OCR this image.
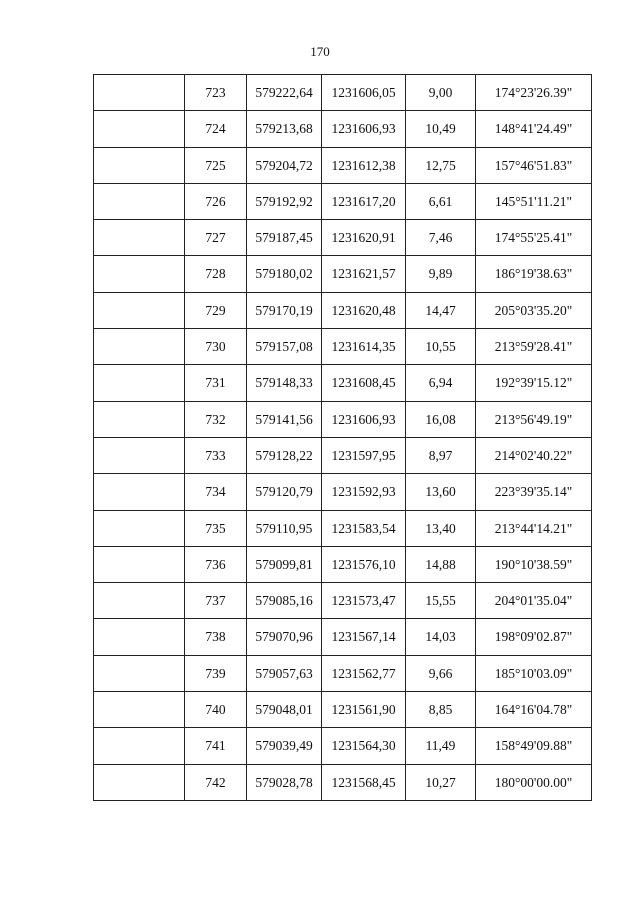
170
	723	579222,64	1231606,05	9,00	174°23'26.39"
	724	579213,68	1231606,93	10,49	148°41'24.49"
	725	579204,72	1231612,38	12,75	157°46'51.83"
	726	579192,92	1231617,20	6,61	145°51'11.21"
	727	579187,45	1231620,91	7,46	174°55'25.41"
	728	579180,02	1231621,57	9,89	186°19'38.63"
	729	579170,19	1231620,48	14,47	205°03'35.20"
	730	579157,08	1231614,35	10,55	213°59'28.41"
	731	579148,33	1231608,45	6,94	192°39'15.12"
	732	579141,56	1231606,93	16,08	213°56'49.19"
	733	579128,22	1231597,95	8,97	214°02'40.22"
	734	579120,79	1231592,93	13,60	223°39'35.14"
	735	579110,95	1231583,54	13,40	213°44'14.21"
	736	579099,81	1231576,10	14,88	190°10'38.59"
	737	579085,16	1231573,47	15,55	204°01'35.04"
	738	579070,96	1231567,14	14,03	198°09'02.87"
	739	579057,63	1231562,77	9,66	185°10'03.09"
	740	579048,01	1231561,90	8,85	164°16'04.78"
	741	579039,49	1231564,30	11,49	158°49'09.88"
	742	579028,78	1231568,45	10,27	180°00'00.00"
